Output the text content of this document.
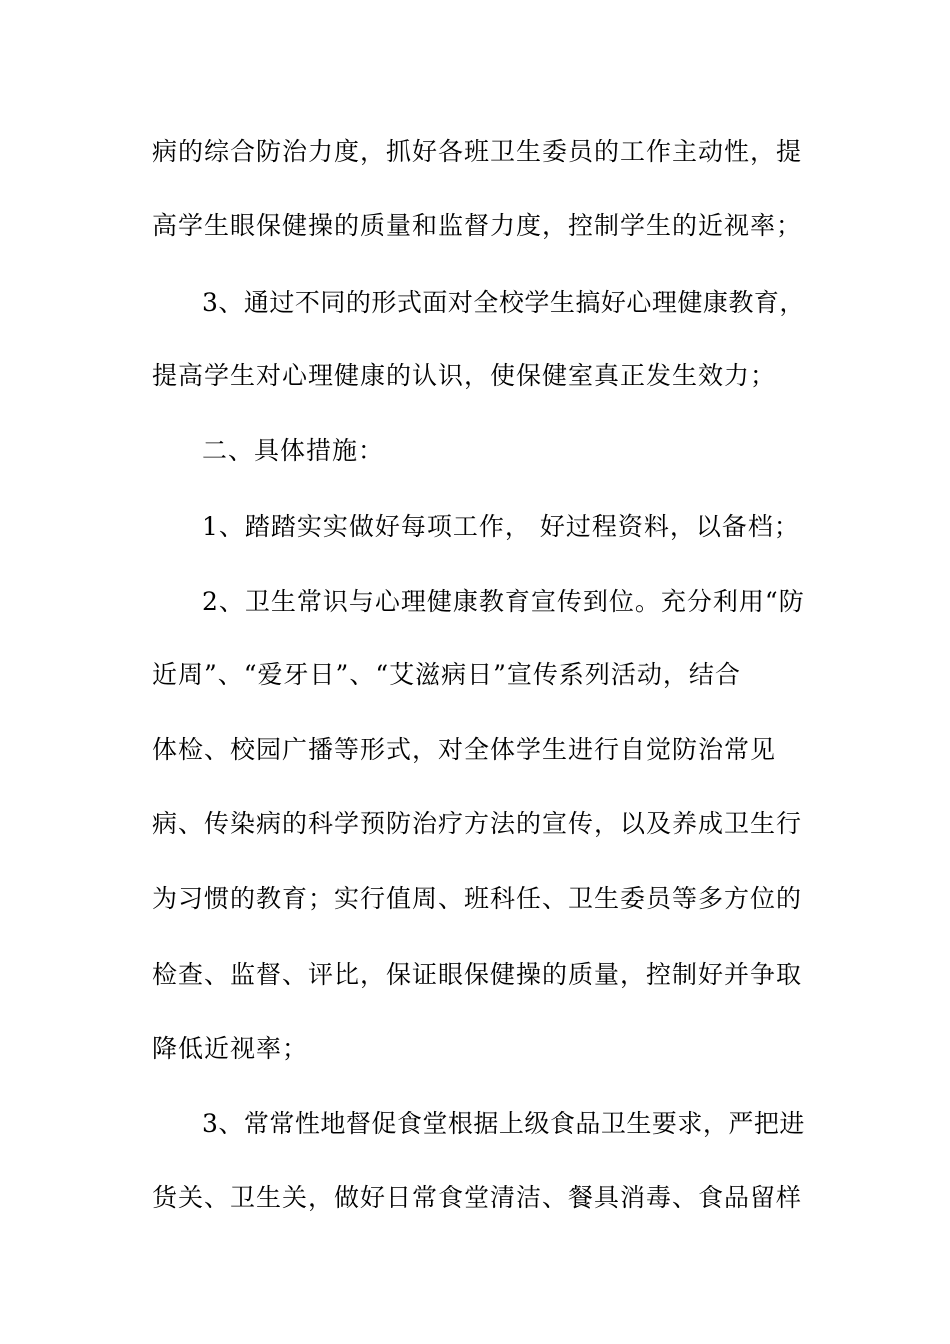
病的综合防治力度，抓好各班卫生委员的工作主动性，提
高学生眼保健操的质量和监督力度，控制学生的近视率；
3、通过不同的形式面对全校学生搞好心理健康教育，
提高学生对心理健康的认识，使保健室真正发生效力；
二、具体措施：
1、踏踏实实做好每项工作， 好过程资料，以备档；
2、卫生常识与心理健康教育宣传到位。充分利用“防
近周”、“爱牙日”、“艾滋病日”宣传系列活动，结合
体检、校园广播等形式，对全体学生进行自觉防治常见
病、传染病的科学预防治疗方法的宣传，以及养成卫生行
为习惯的教育；实行值周、班科任、卫生委员等多方位的
检查、监督、评比，保证眼保健操的质量，控制好并争取
降低近视率；
3、常常性地督促食堂根据上级食品卫生要求，严把进
货关、卫生关，做好日常食堂清洁、餐具消毒、食品留样
